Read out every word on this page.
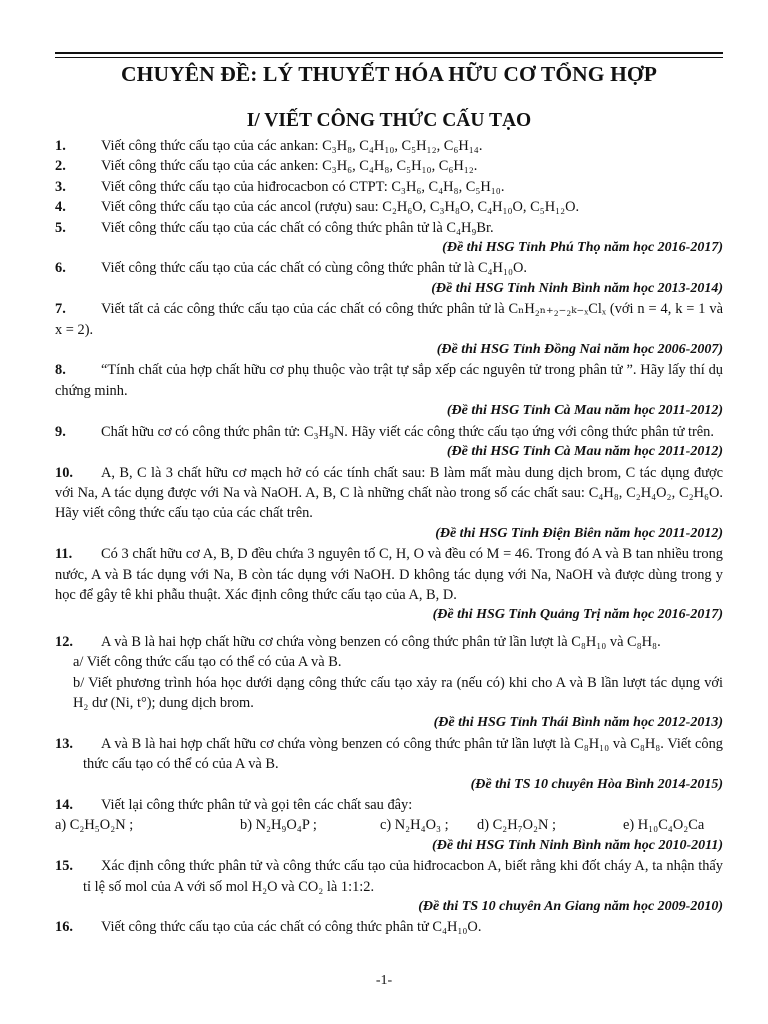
CHUYÊN ĐỀ: LÝ THUYẾT HÓA HỮU CƠ TỔNG HỢP
I/ VIẾT CÔNG THỨC CẤU TẠO
1.	Viết công thức cấu tạo của các ankan: C₃H₈, C₄H₁₀, C₅H₁₂, C₆H₁₄.
2.	Viết công thức cấu tạo của các anken: C₃H₆, C₄H₈, C₅H₁₀, C₆H₁₂.
3.	Viết công thức cấu tạo của hiđrocacbon có CTPT: C₃H₆, C₄H₈, C₅H₁₀.
4.	Viết công thức cấu tạo của các ancol (rượu) sau: C₂H₆O, C₃H₈O, C₄H₁₀O, C₅H₁₂O.
5.	Viết công thức cấu tạo của các chất có công thức phân tử là C₄H₉Br.
(Đề thi HSG Tỉnh Phú Thọ năm học 2016-2017)
6.	Viết công thức cấu tạo của các chất có cùng công thức phân tử là C₄H₁₀O.
(Đề thi HSG Tỉnh Ninh Bình năm học 2013-2014)
7.	Viết tất cả các công thức cấu tạo của các chất có công thức phân tử là CₙH₂ₙ₊₂₋₂ₖ₋ₓClₓ (với n = 4, k = 1 và x = 2).
(Đề thi HSG Tỉnh Đồng Nai năm học 2006-2007)
8.	“Tính chất của hợp chất hữu cơ phụ thuộc vào trật tự sắp xếp các nguyên tử trong phân tử ”. Hãy lấy thí dụ chứng minh.
(Đề thi HSG Tỉnh Cà Mau năm học 2011-2012)
9.	Chất hữu cơ có công thức phân tử: C₃H₉N. Hãy viết các công thức cấu tạo ứng với công thức phân tử trên.
(Đề thi HSG Tỉnh Cà Mau năm học 2011-2012)
10.	A, B, C là 3 chất hữu cơ mạch hở có các tính chất sau: B làm mất màu dung dịch brom, C tác dụng được với Na, A tác dụng được với Na và NaOH. A, B, C là những chất nào trong số các chất sau: C₄H₈, C₂H₄O₂, C₂H₆O. Hãy viết công thức cấu tạo của các chất trên.
(Đề thi HSG Tỉnh Điện Biên năm học 2011-2012)
11.	Có 3 chất hữu cơ A, B, D đều chứa 3 nguyên tố C, H, O và đều có M = 46. Trong đó A và B tan nhiều trong nước, A và B tác dụng với Na, B còn tác dụng với NaOH. D không tác dụng với Na, NaOH và được dùng trong y học để gây tê khi phẫu thuật. Xác định công thức cấu tạo của A, B, D.
(Đề thi HSG Tỉnh Quảng Trị năm học 2016-2017)
12.	A và B là hai hợp chất hữu cơ chứa vòng benzen có công thức phân tử lần lượt là C₈H₁₀ và C₈H₈.
a/ Viết công thức cấu tạo có thể có của A và B.
b/ Viết phương trình hóa học dưới dạng công thức cấu tạo xảy ra (nếu có) khi cho A và B lần lượt tác dụng với H₂ dư (Ni, t°); dung dịch brom.
(Đề thi HSG Tỉnh Thái Bình năm học 2012-2013)
13.	A và B là hai hợp chất hữu cơ chứa vòng benzen có công thức phân tử lần lượt là C₈H₁₀ và C₈H₈. Viết công thức cấu tạo có thể có của A và B.
(Đề thi TS 10 chuyên Hòa Bình 2014-2015)
14.	Viết lại công thức phân tử và gọi tên các chất sau đây:
a) C₂H₅O₂N ;	b) N₂H₉O₄P ;	c) N₂H₄O₃ ; d) C₂H₇O₂N ;	e) H₁₀C₄O₂Ca
(Đề thi HSG Tỉnh Ninh Bình năm học 2010-2011)
15.	Xác định công thức phân tử và công thức cấu tạo của hiđrocacbon A, biết rằng khi đốt cháy A, ta nhận thấy tỉ lệ số mol của A với số mol H₂O và CO₂ là 1:1:2.
(Đề thi TS 10 chuyên An Giang năm học 2009-2010)
16.	Viết công thức cấu tạo của các chất có công thức phân tử C₄H₁₀O.
-1-
